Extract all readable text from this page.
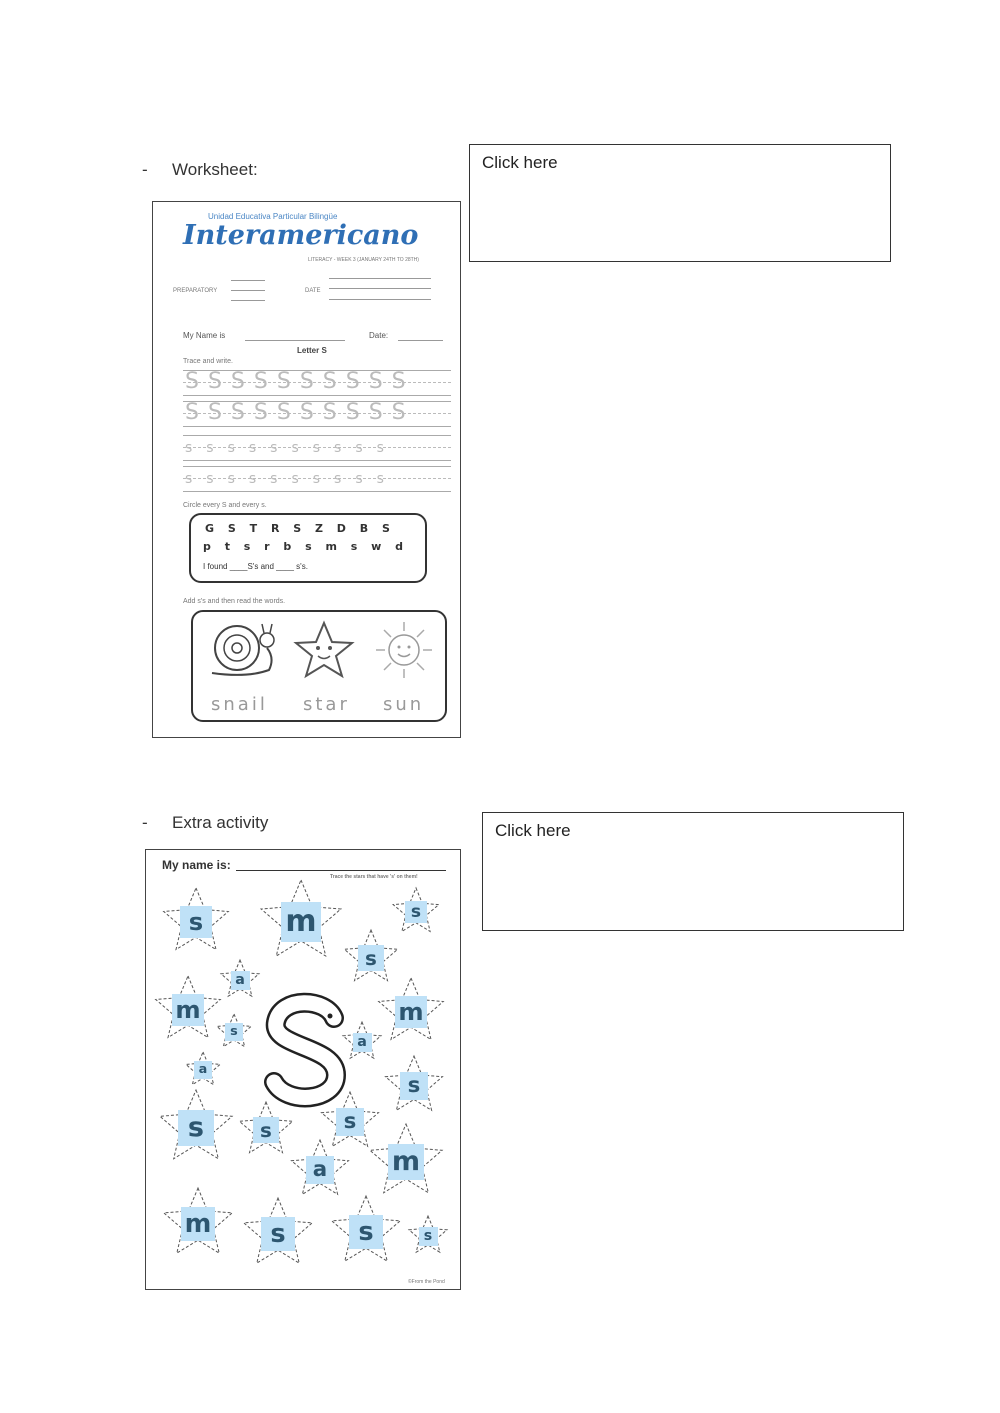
- Worksheet:	Click here
Unidad Educativa Particular Bilingüe
Interamericano
LITERACY - WEEK 3 (JANUARY 24TH TO 28TH)
PREPARATORY	DATE
My Name is	Date:
Letter S
Trace and write.
SSSSSSSSSS
SSSSSSSSSS
ssssssssss
ssssssssss
Circle every S and every s.
G S T R S Z D B S
p t s r b s m s w d
I found ____S's and ____ s's.
Add s's and then read the words.
snail star sun
- Extra activity	Click here
My name is:
Trace the stars that have 's' on them!
s	m	s
s
a
m	m
s
a
a
s
s	s	s
a m
m	s	s	s
©From the Pond
